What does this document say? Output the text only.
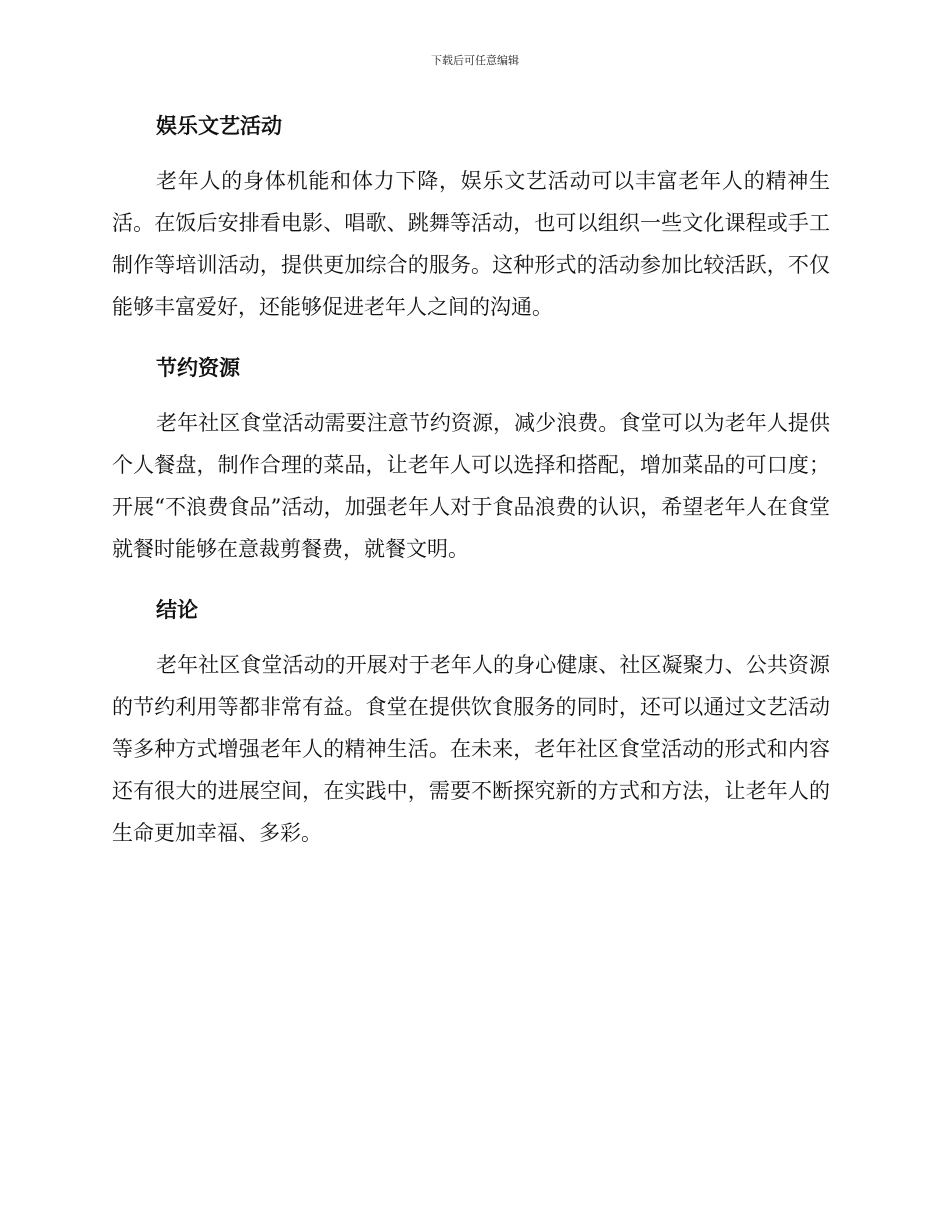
下载后可任意编辑
娱乐文艺活动

老年人的身体机能和体力下降，娱乐文艺活动可以丰富老年人的精神生活。在饭后安排看电影、唱歌、跳舞等活动，也可以组织一些文化课程或手工制作等培训活动，提供更加综合的服务。这种形式的活动参加比较活跃，不仅能够丰富爱好，还能够促进老年人之间的沟通。

节约资源

老年社区食堂活动需要注意节约资源，减少浪费。食堂可以为老年人提供个人餐盘，制作合理的菜品，让老年人可以选择和搭配，增加菜品的可口度；开展“不浪费食品”活动，加强老年人对于食品浪费的认识，希望老年人在食堂就餐时能够在意裁剪餐费，就餐文明。

结论

老年社区食堂活动的开展对于老年人的身心健康、社区凝聚力、公共资源的节约利用等都非常有益。食堂在提供饮食服务的同时，还可以通过文艺活动等多种方式增强老年人的精神生活。在未来，老年社区食堂活动的形式和内容还有很大的进展空间，在实践中，需要不断探究新的方式和方法，让老年人的生命更加幸福、多彩。
